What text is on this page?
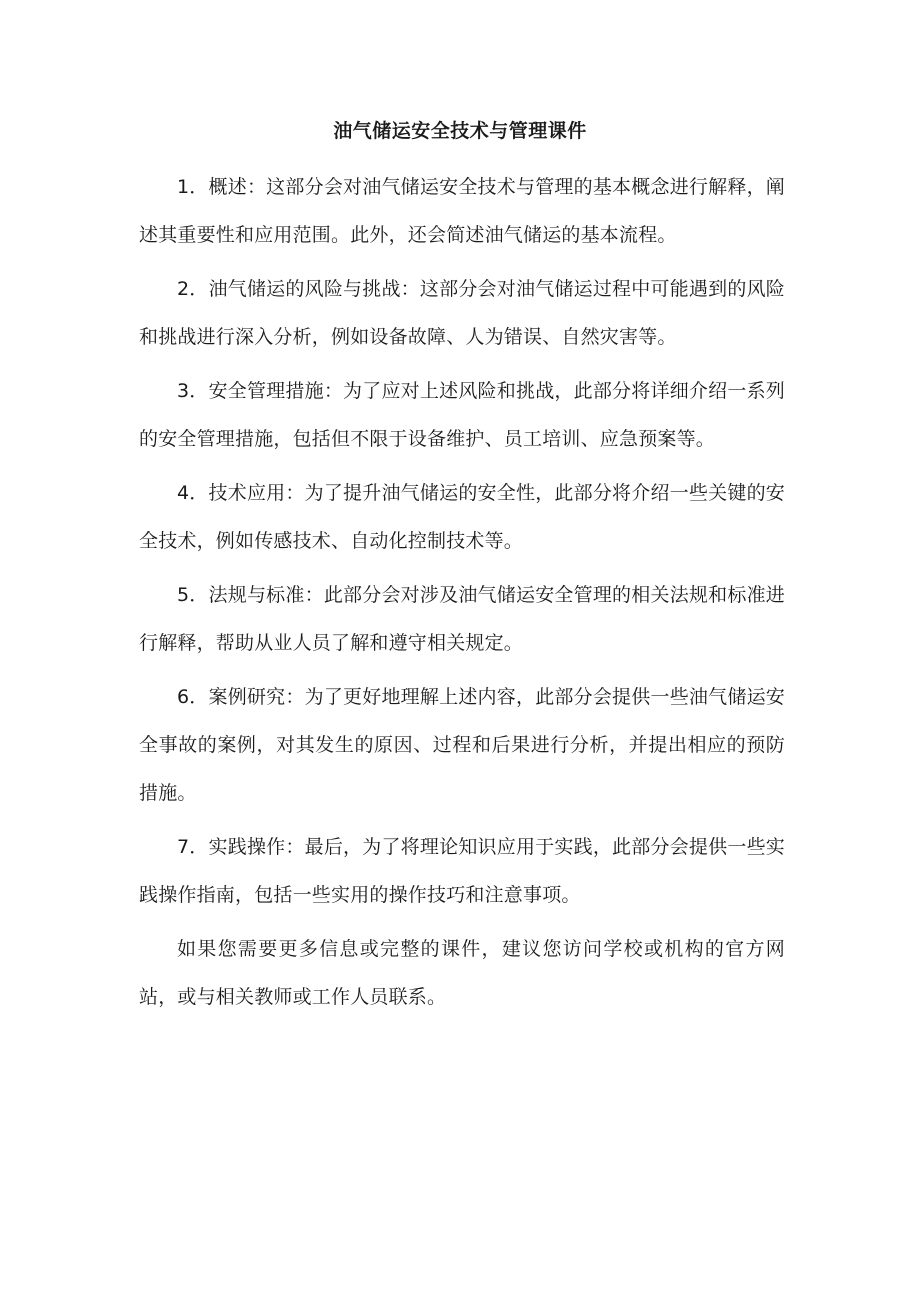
油气储运安全技术与管理课件

1．概述：这部分会对油气储运安全技术与管理的基本概念进行解释，阐述其重要性和应用范围。此外，还会简述油气储运的基本流程。

2．油气储运的风险与挑战：这部分会对油气储运过程中可能遇到的风险和挑战进行深入分析，例如设备故障、人为错误、自然灾害等。

3．安全管理措施：为了应对上述风险和挑战，此部分将详细介绍一系列的安全管理措施，包括但不限于设备维护、员工培训、应急预案等。

4．技术应用：为了提升油气储运的安全性，此部分将介绍一些关键的安全技术，例如传感技术、自动化控制技术等。

5．法规与标准：此部分会对涉及油气储运安全管理的相关法规和标准进行解释，帮助从业人员了解和遵守相关规定。

6．案例研究：为了更好地理解上述内容，此部分会提供一些油气储运安全事故的案例，对其发生的原因、过程和后果进行分析，并提出相应的预防措施。

7．实践操作：最后，为了将理论知识应用于实践，此部分会提供一些实践操作指南，包括一些实用的操作技巧和注意事项。

如果您需要更多信息或完整的课件，建议您访问学校或机构的官方网站，或与相关教师或工作人员联系。
